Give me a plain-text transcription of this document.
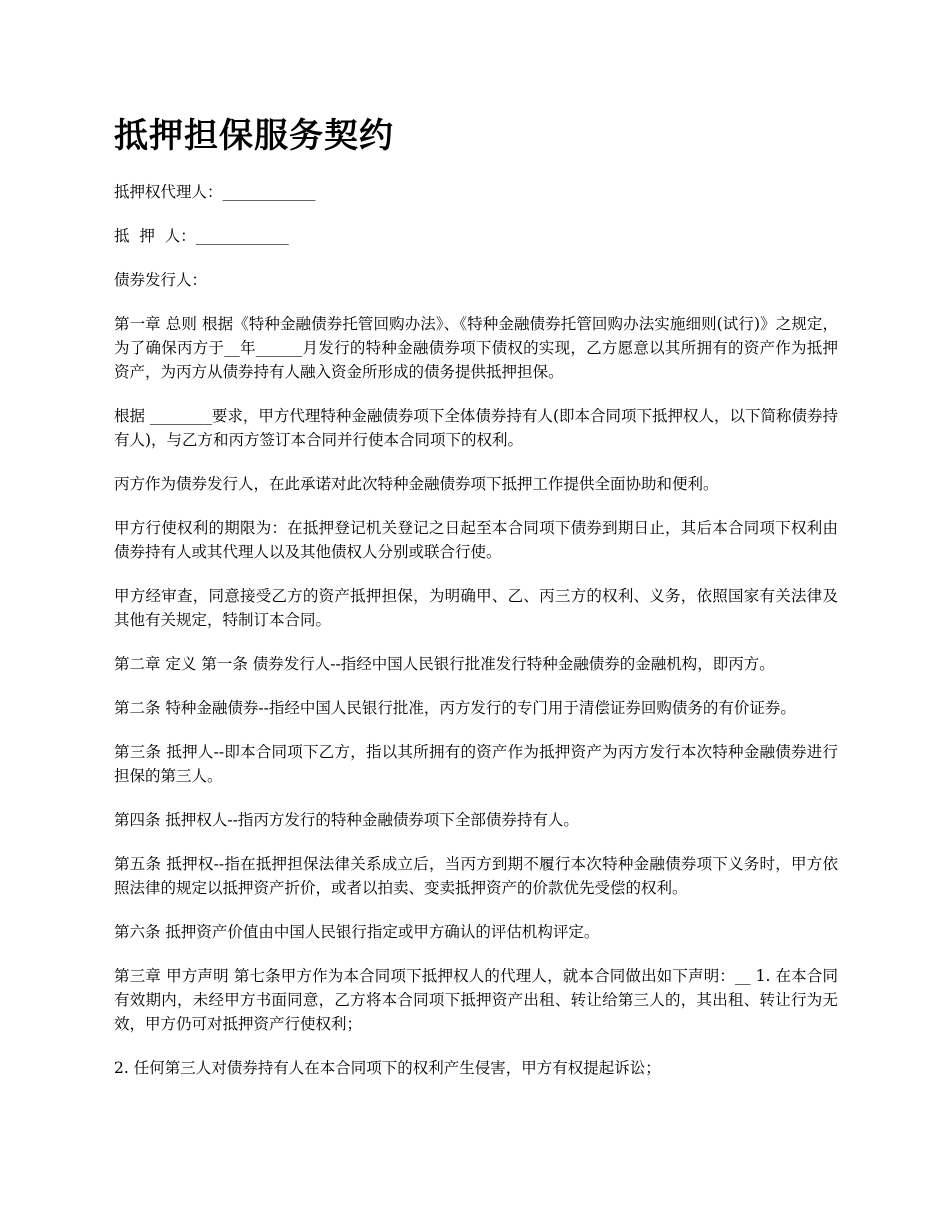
抵押担保服务契约

抵押权代理人：____________

抵  押  人：____________

债券发行人：

第一章 总则 根据《特种金融债券托管回购办法》、《特种金融债券托管回购办法实施细则(试行)》之规定，为了确保丙方于__年______月发行的特种金融债券项下债权的实现，乙方愿意以其所拥有的资产作为抵押资产，为丙方从债券持有人融入资金所形成的债务提供抵押担保。

根据 ________要求，甲方代理特种金融债券项下全体债券持有人(即本合同项下抵押权人，以下简称债券持有人)，与乙方和丙方签订本合同并行使本合同项下的权利。

丙方作为债券发行人，在此承诺对此次特种金融债券项下抵押工作提供全面协助和便利。

甲方行使权利的期限为：在抵押登记机关登记之日起至本合同项下债券到期日止，其后本合同项下权利由债券持有人或其代理人以及其他债权人分别或联合行使。

甲方经审查，同意接受乙方的资产抵押担保，为明确甲、乙、丙三方的权利、义务，依照国家有关法律及其他有关规定，特制订本合同。

第二章 定义 第一条 债券发行人--指经中国人民银行批准发行特种金融债券的金融机构，即丙方。

第二条 特种金融债券--指经中国人民银行批准，丙方发行的专门用于清偿证券回购债务的有价证券。

第三条 抵押人--即本合同项下乙方，指以其所拥有的资产作为抵押资产为丙方发行本次特种金融债券进行担保的第三人。

第四条 抵押权人--指丙方发行的特种金融债券项下全部债券持有人。

第五条 抵押权--指在抵押担保法律关系成立后，当丙方到期不履行本次特种金融债券项下义务时，甲方依照法律的规定以抵押资产折价，或者以拍卖、变卖抵押资产的价款优先受偿的权利。

第六条 抵押资产价值由中国人民银行指定或甲方确认的评估机构评定。

第三章 甲方声明 第七条甲方作为本合同项下抵押权人的代理人，就本合同做出如下声明：__ 1. 在本合同有效期内，未经甲方书面同意，乙方将本合同项下抵押资产出租、转让给第三人的，其出租、转让行为无效，甲方仍可对抵押资产行使权利；

2. 任何第三人对债券持有人在本合同项下的权利产生侵害，甲方有权提起诉讼；
